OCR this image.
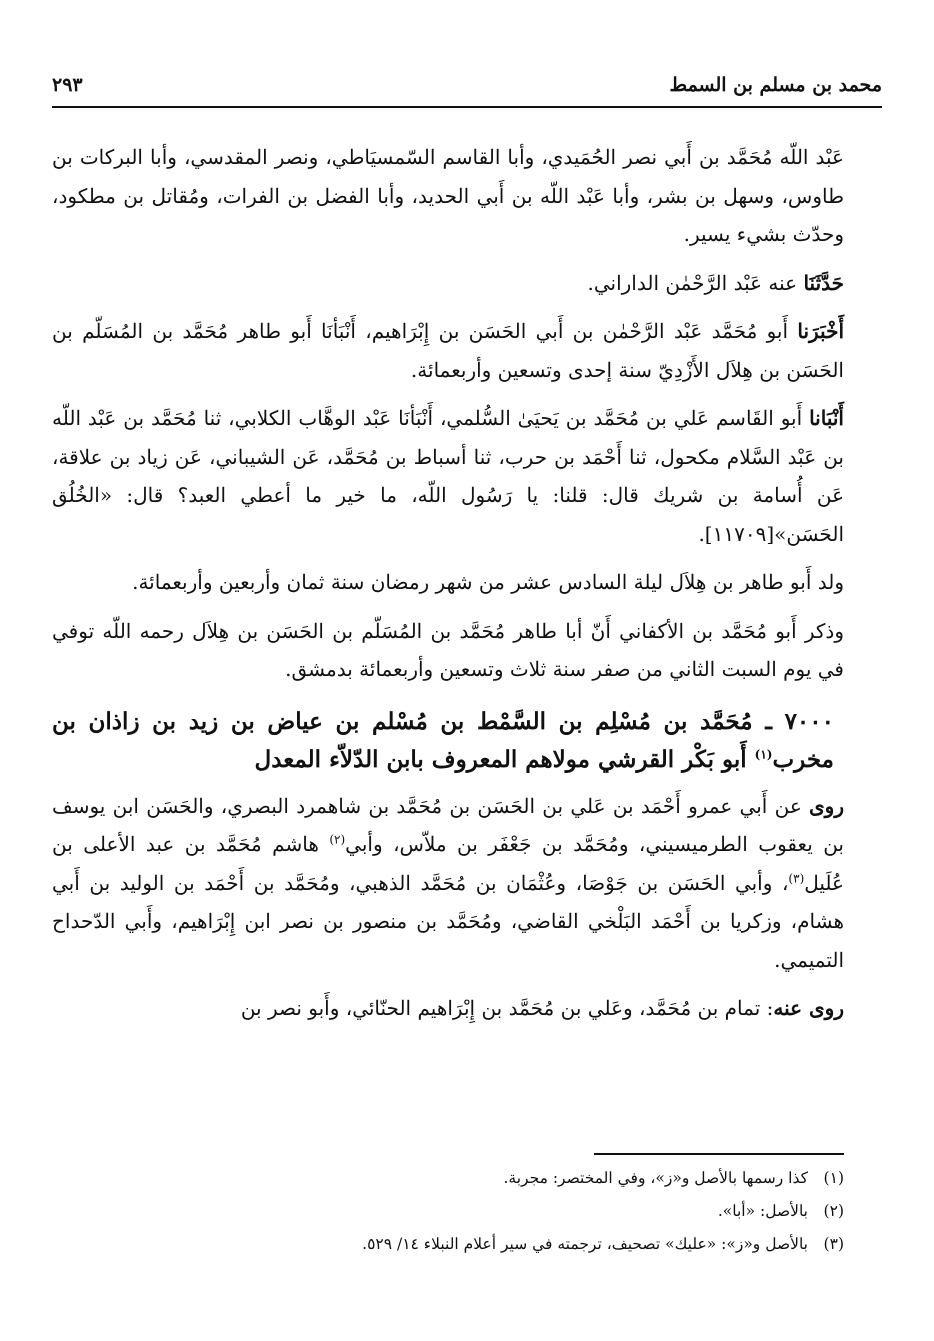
محمد بن مسلم بن السمط
٢٩٣

عَبْد اللّه مُحَمَّد بن أَبي نصر الحُمَيدي، وأبا القاسم السّمسيَاطي، ونصر المقدسي، وأبا البركات بن طاوس، وسهل بن بشر، وأبا عَبْد اللّه بن أَبي الحديد، وأبا الفضل بن الفرات، ومُقاتل بن مطكود، وحدّث بشيء يسير.

حَدَّثَنَا عنه عَبْد الرَّحْمٰن الداراني.

أَخْبَرَنا أَبو مُحَمَّد عَبْد الرَّحْمٰن بن أَبي الحَسَن بن إِبْرَاهيم، أَنْبَأنَا أَبو طاهر مُحَمَّد بن المُسَلّم بن الحَسَن بن هِلاَل الأَزْدِيّ سنة إحدى وتسعين وأربعمائة.

أَنْبَانا أَبو القَاسم عَلي بن مُحَمَّد بن يَحيَىٰ السُّلمي، أَنْبَأنَا عَبْد الوهَّاب الكلابي، ثنا مُحَمَّد بن عَبْد اللّه بن عَبْد السَّلام مكحول، ثنا أَحْمَد بن حرب، ثنا أسباط بن مُحَمَّد، عَن الشيباني، عَن زياد بن علاقة، عَن أُسامة بن شريك قال: قلنا: يا رَسُول اللّه، ما خير ما أعطي العبد؟ قال: «الخُلُق الحَسَن»[١١٧٠٩].

ولد أَبو طاهر بن هِلاَل ليلة السادس عشر من شهر رمضان سنة ثمان وأربعين وأربعمائة.

وذكر أَبو مُحَمَّد بن الأكفاني أَنّ أبا طاهر مُحَمَّد بن المُسَلّم بن الحَسَن بن هِلاَل رحمه اللّه توفي في يوم السبت الثاني من صفر سنة ثلاث وتسعين وأربعمائة بدمشق.

٧٠٠٠ ـ مُحَمَّد بن مُسْلِم بن السَّمْط بن مُسْلم بن عياض بن زيد بن زاذان بن مخرب$^{(١)}$ أَبو بَكْر القرشي مولاهم المعروف بابن الدّلاّء المعدل

روى عن أَبي عمرو أَحْمَد بن عَلي بن الحَسَن بن مُحَمَّد بن شاهمرد البصري، والحَسَن ابن يوسف بن يعقوب الطرميسيني، ومُحَمَّد بن جَعْفَر بن ملاّس، وأبي$^{(٢)}$ هاشم مُحَمَّد بن عبد الأعلى بن عُلَيل$^{(٣)}$، وأبي الحَسَن بن جَوْصَا، وعُثْمَان بن مُحَمَّد الذهبي، ومُحَمَّد بن أَحْمَد بن الوليد بن أَبي هشام، وزكريا بن أَحْمَد البَلْخي القاضي، ومُحَمَّد بن منصور بن نصر ابن إِبْرَاهيم، وأَبي الدّحداح التميمي.

روى عنه: تمام بن مُحَمَّد، وعَلي بن مُحَمَّد بن إِبْرَاهيم الحنّائي، وأَبو نصر بن

(١)
كذا رسمها بالأصل و«ز»، وفي المختصر: مجربة.
(٢)
بالأصل: «أبا».
(٣)
بالأصل و«ز»: «عليك» تصحيف، ترجمته في سير أعلام النبلاء ١٤/ ٥٢٩.
